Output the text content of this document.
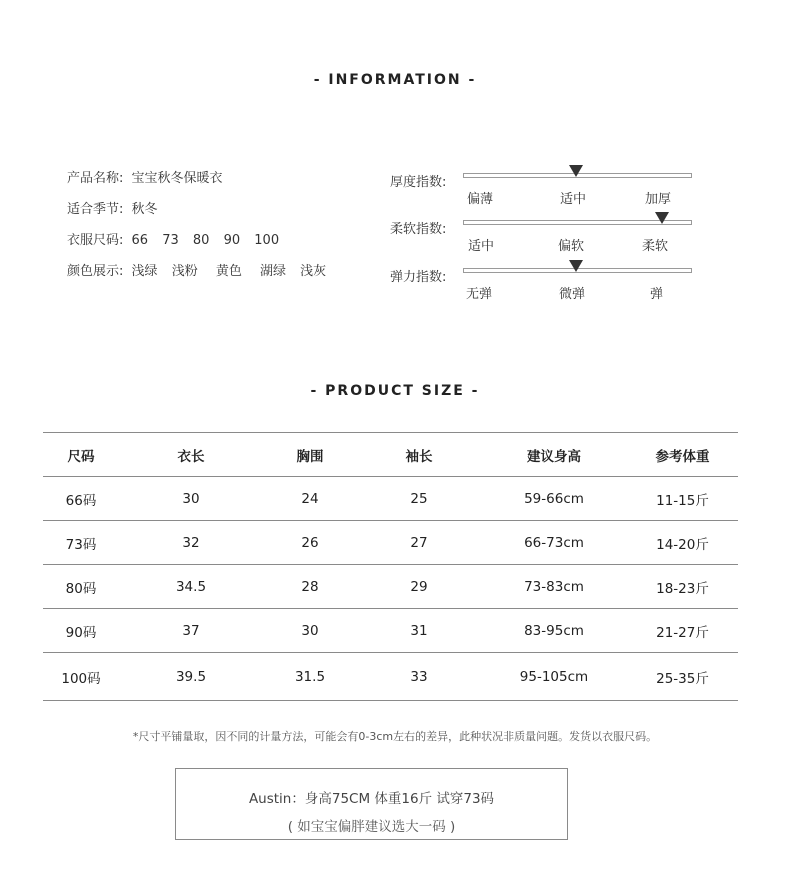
- INFORMATION -
产品名称: 宝宝秋冬保暖衣
适合季节: 秋冬
衣服尺码: 66 73 80 90 100
颜色展示: 浅绿 浅粉 黄色 湖绿 浅灰
厚度指数:
偏薄	适中	加厚
柔软指数:
适中	偏软	柔软
弹力指数:
无弹	微弹	弹
- PRODUCT SIZE -
尺码	衣长	胸围	袖长	建议身高	参考体重
66码	30	24	25	59-66cm	11-15斤
73码	32	26	27	66-73cm	14-20斤
80码	34.5	28	29	73-83cm	18-23斤
90码	37	30	31	83-95cm	21-27斤
100码	39.5	31.5	33	95-105cm	25-35斤
*尺寸平铺量取，因不同的计量方法，可能会有0-3cm左右的差异，此种状况非质量问题。发货以衣服尺码。
Austin：身高75CM 体重16斤 试穿73码
( 如宝宝偏胖建议选大一码 )
